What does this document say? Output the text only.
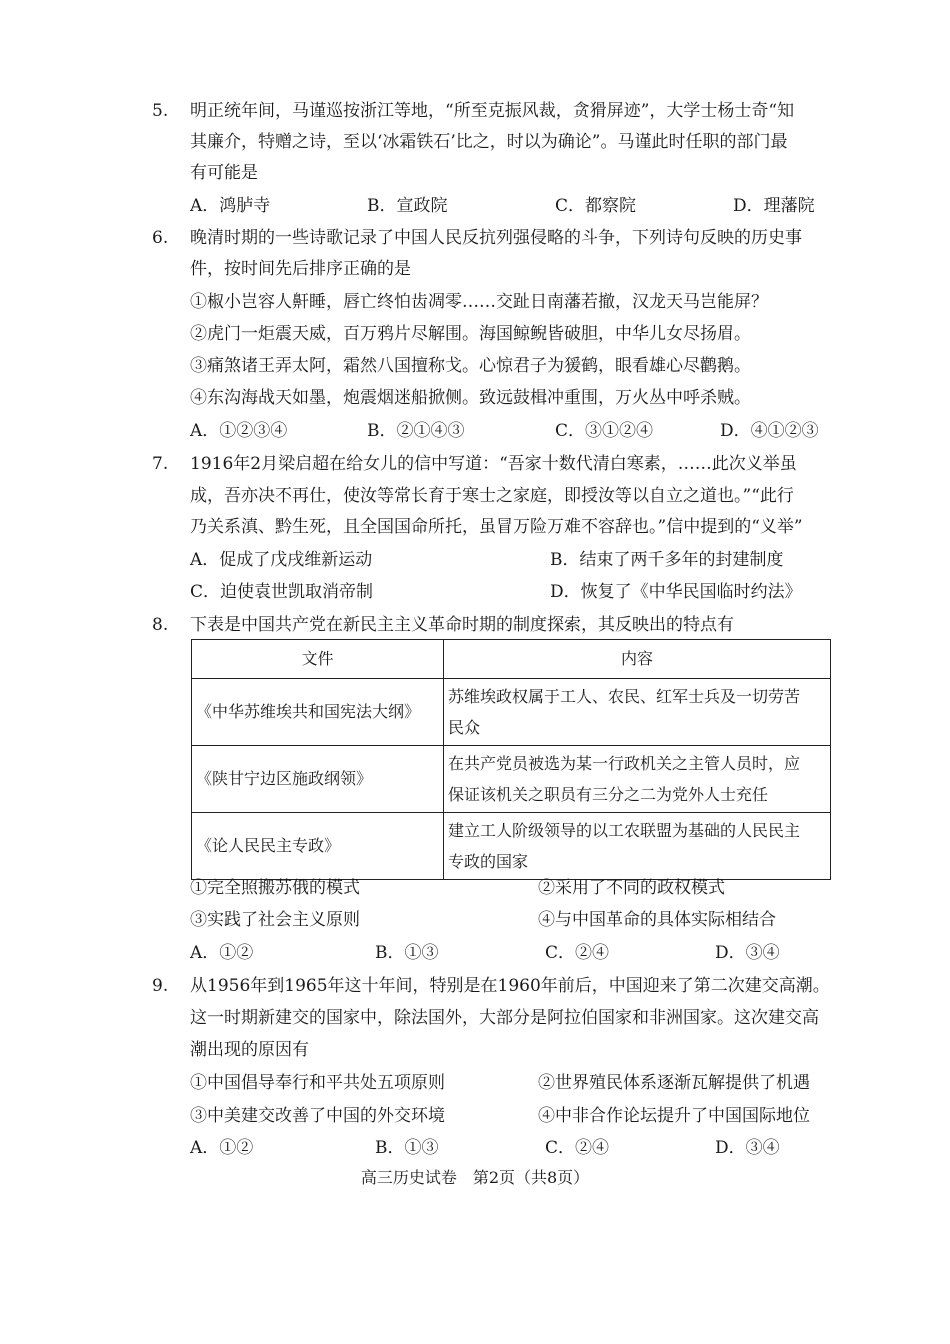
5. 明正统年间，马谨巡按浙江等地，“所至克振风裁，贪猾屏迹”，大学士杨士奇“知
其廉介，特赠之诗，至以‘冰霜铁石’比之，时以为确论”。马谨此时任职的部门最
有可能是
A．鸿胪寺	B．宣政院	C．都察院	D．理藩院
6. 晚清时期的一些诗歌记录了中国人民反抗列强侵略的斗争，下列诗句反映的历史事
件，按时间先后排序正确的是
①椒小岂容人鼾睡，唇亡终怕齿凋零……交趾日南藩若撤，汉龙天马岂能屏？
②虎门一炬震天威，百万鸦片尽解围。海国鲸鲵皆破胆，中华儿女尽扬眉。
③痛煞诸王弄太阿，霜然八国擅称戈。心惊君子为猨鹤，眼看雄心尽鹳鹅。
④东沟海战天如墨，炮震烟迷船掀侧。致远鼓楫冲重围，万火丛中呼杀贼。
A．①②③④	B．②①④③	C．③①②④	D．④①②③
7. 1916年2月梁启超在给女儿的信中写道：“吾家十数代清白寒素，……此次义举虽
成，吾亦决不再仕，使汝等常长育于寒士之家庭，即授汝等以自立之道也。”“此行
乃关系滇、黔生死，且全国国命所托，虽冒万险万难不容辞也。”信中提到的“义举”
A．促成了戊戌维新运动	B．结束了两千多年的封建制度
C．迫使袁世凯取消帝制	D．恢复了《中华民国临时约法》
8. 下表是中国共产党在新民主主义革命时期的制度探索，其反映出的特点有
文件	内容
《中华苏维埃共和国宪法大纲》	苏维埃政权属于工人、农民、红军士兵及一切劳苦
民众

《陕甘宁边区施政纲领》	在共产党员被选为某一行政机关之主管人员时，应
保证该机关之职员有三分之二为党外人士充任

《论人民民主专政》	建立工人阶级领导的以工农联盟为基础的人民民主
专政的国家
①完全照搬苏俄的模式	②采用了不同的政权模式
③实践了社会主义原则	④与中国革命的具体实际相结合
A．①②	B．①③	C．②④	D．③④
9. 从1956年到1965年这十年间，特别是在1960年前后，中国迎来了第二次建交高潮。
这一时期新建交的国家中，除法国外，大部分是阿拉伯国家和非洲国家。这次建交高
潮出现的原因有
①中国倡导奉行和平共处五项原则	②世界殖民体系逐渐瓦解提供了机遇
③中美建交改善了中国的外交环境	④中非合作论坛提升了中国国际地位
A．①②	B．①③	C．②④	D．③④
高三历史试卷　第2页（共8页）
